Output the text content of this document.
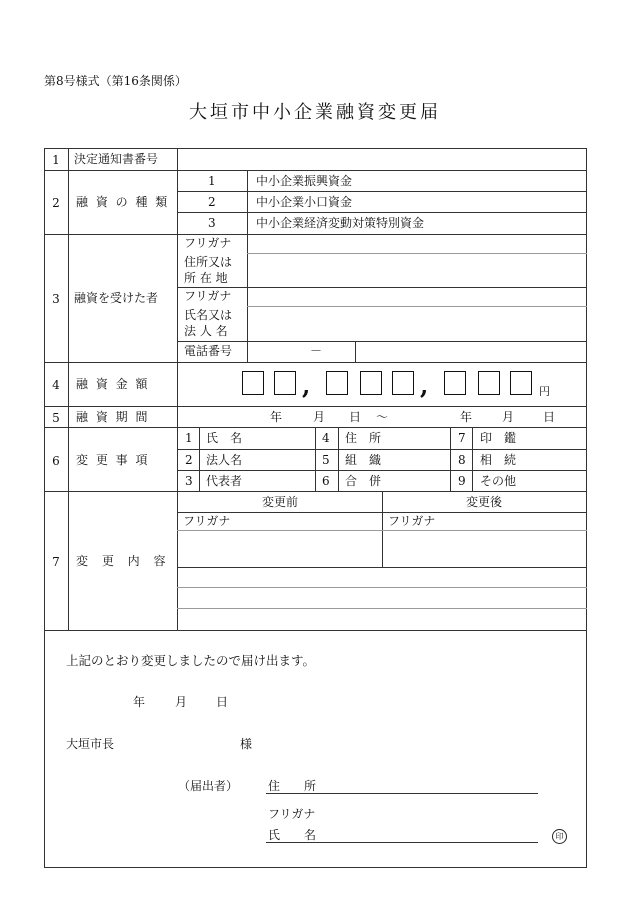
第8号様式（第16条関係）
大垣市中小企業融資変更届
1	決定通知書番号
2	融 資 の 種 類
1	中小企業振興資金
2	中小企業小口資金
3	中小企業経済変動対策特別資金
3	融資を受けた者
フリガナ
住所又は
所 在 地
フリガナ
氏名又は
法 人 名
電話番号	－
4	融 資 金 額	,	,	円
5	融 資 期 間	年	月 日 ～	年 月 日
6	変 更 事 項
1 氏　名	4 住　所	7 印　鑑
2 法人名	5 組　織	8 相　続
3 代表者	6 合　併	9 その他
7	変 更 内 容
変更前	変更後
フリガナ	フリガナ
上記のとおり変更しましたので届け出ます。
年 月 日
大垣市長	様
（届出者） 住　　所
フリガナ
氏　　名	印
